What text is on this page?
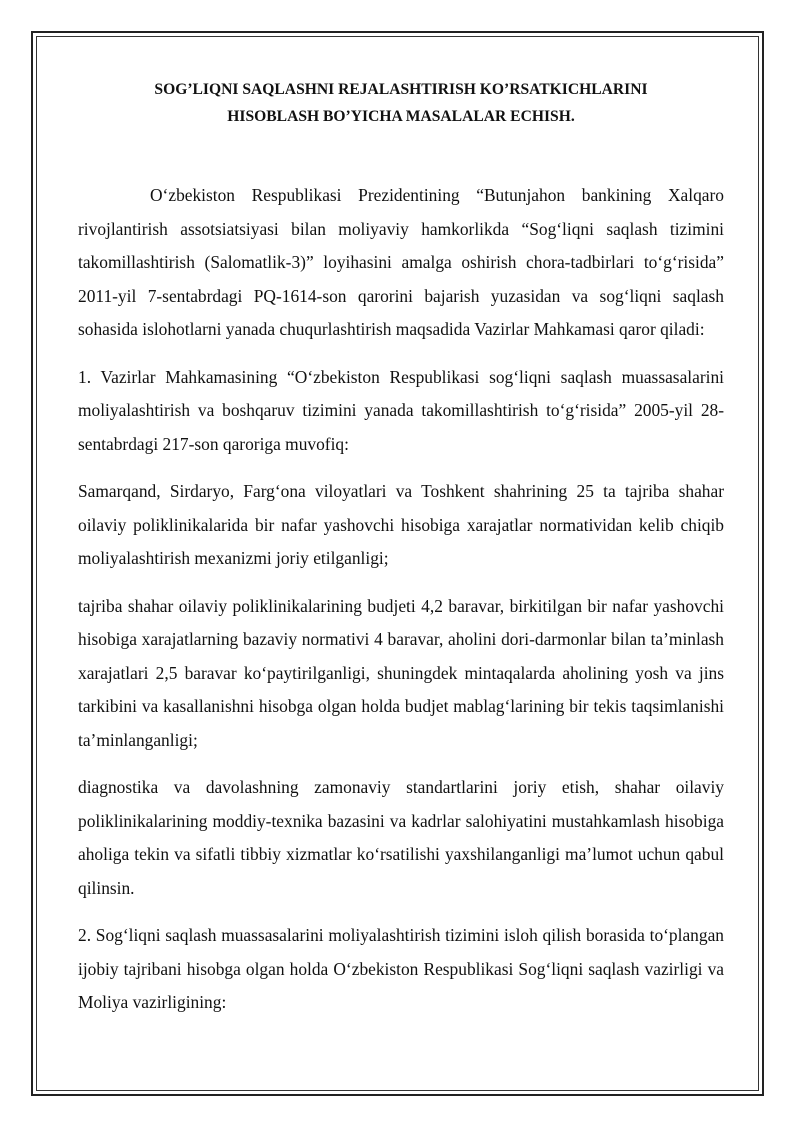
SOG’LIQNI SAQLASHNI REJALASHTIRISH KO’RSATKICHLARINI
HISOBLASH BO’YICHA MASALALAR ECHISH.

O‘zbekiston Respublikasi Prezidentining “Butunjahon bankining Xalqaro rivojlantirish assotsiatsiyasi bilan moliyaviy hamkorlikda “Sog‘liqni saqlash tizimini takomillashtirish (Salomatlik-3)” loyihasini amalga oshirish chora-tadbirlari to‘g‘risida” 2011-yil 7-sentabrdagi PQ-1614-son qarorini bajarish yuzasidan va sog‘liqni saqlash sohasida islohotlarni yanada chuqurlashtirish maqsadida Vazirlar Mahkamasi qaror qiladi:

1. Vazirlar Mahkamasining “O‘zbekiston Respublikasi sog‘liqni saqlash muassasalarini moliyalashtirish va boshqaruv tizimini yanada takomillashtirish to‘g‘risida” 2005-yil 28-sentabrdagi 217-son qaroriga muvofiq:

Samarqand, Sirdaryo, Farg‘ona viloyatlari va Toshkent shahrining 25 ta tajriba shahar oilaviy poliklinikalarida bir nafar yashovchi hisobiga xarajatlar normatividan kelib chiqib moliyalashtirish mexanizmi joriy etilganligi;

tajriba shahar oilaviy poliklinikalarining budjeti 4,2 baravar, birkitilgan bir nafar yashovchi hisobiga xarajatlarning bazaviy normativi 4 baravar, aholini dori-darmonlar bilan ta’minlash xarajatlari 2,5 baravar ko‘paytirilganligi, shuningdek mintaqalarda aholining yosh va jins tarkibini va kasallanishni hisobga olgan holda budjet mablag‘larining bir tekis taqsimlanishi ta’minlanganligi;

diagnostika va davolashning zamonaviy standartlarini joriy etish, shahar oilaviy poliklinikalarining moddiy-texnika bazasini va kadrlar salohiyatini mustahkamlash hisobiga aholiga tekin va sifatli tibbiy xizmatlar ko‘rsatilishi yaxshilanganligi ma’lumot uchun qabul qilinsin.

2. Sog‘liqni saqlash muassasalarini moliyalashtirish tizimini isloh qilish borasida to‘plangan ijobiy tajribani hisobga olgan holda O‘zbekiston Respublikasi Sog‘liqni saqlash vazirligi va Moliya vazirligining:
